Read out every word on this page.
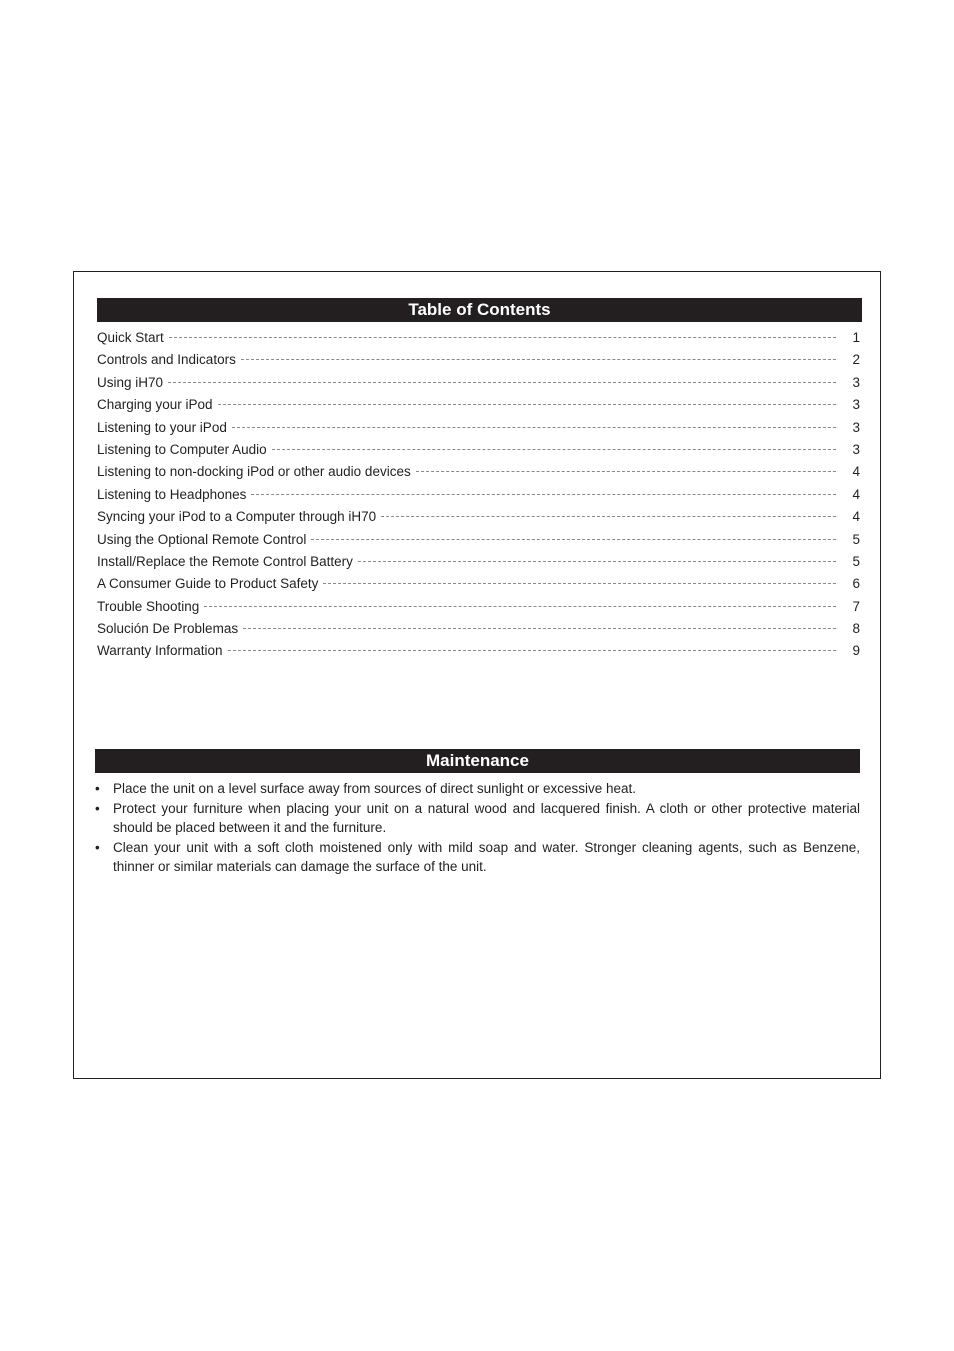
Table of Contents
Quick Start	1
Controls and Indicators	2
Using iH70	3
Charging your iPod	3
Listening to your iPod	3
Listening to Computer Audio	3
Listening to non-docking iPod or other audio devices	4
Listening to Headphones	4
Syncing your iPod to a Computer through iH70	4
Using the Optional Remote Control	5
Install/Replace the Remote Control Battery	5
A Consumer Guide to Product Safety	6
Trouble Shooting	7
Solución De Problemas	8
Warranty Information	9
Maintenance
• Place the unit on a level surface away from sources of direct sunlight or excessive heat.
• Protect your furniture when placing your unit on a natural wood and lacquered finish. A cloth or other protective material should be placed between it and the furniture.
• Clean your unit with a soft cloth moistened only with mild soap and water. Stronger cleaning agents, such as Benzene, thinner or similar materials can damage the surface of the unit.
